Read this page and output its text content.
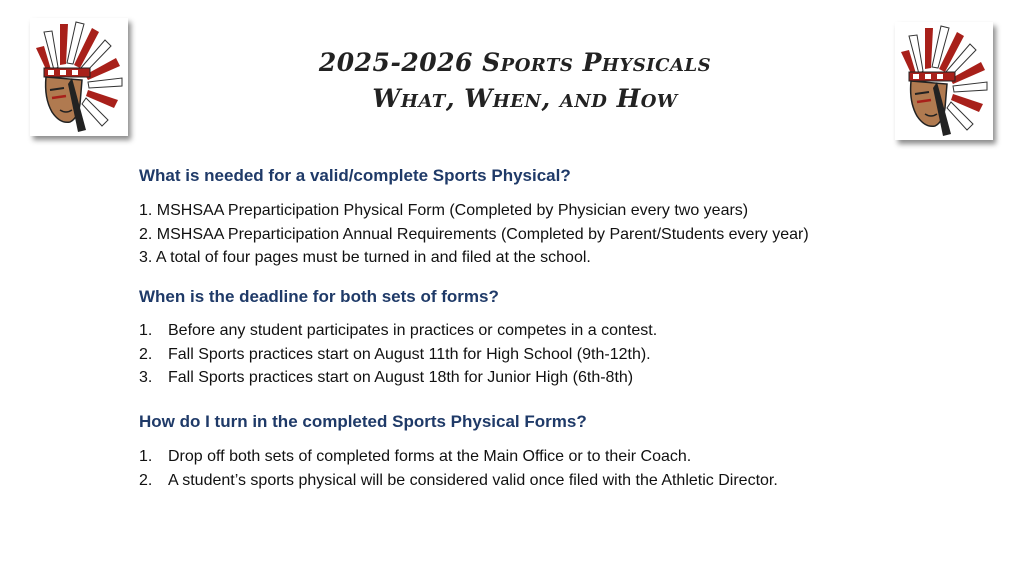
2025-2026 Sports Physicals
What, When, and How
What is needed for a valid/complete Sports Physical?
1. MSHSAA Preparticipation Physical Form (Completed by Physician every two years)
2. MSHSAA Preparticipation Annual Requirements (Completed by Parent/Students every year)
3. A total of four pages must be turned in and filed at the school.
When is the deadline for both sets of forms?
1. Before any student participates in practices or competes in a contest.
2. Fall Sports practices start on August 11th for High School (9th-12th).
3. Fall Sports practices start on August 18th for Junior High (6th-8th)
How do I turn in the completed Sports Physical Forms?
1. Drop off both sets of completed forms at the Main Office or to their Coach.
2. A student’s sports physical will be considered valid once filed with the Athletic Director.
